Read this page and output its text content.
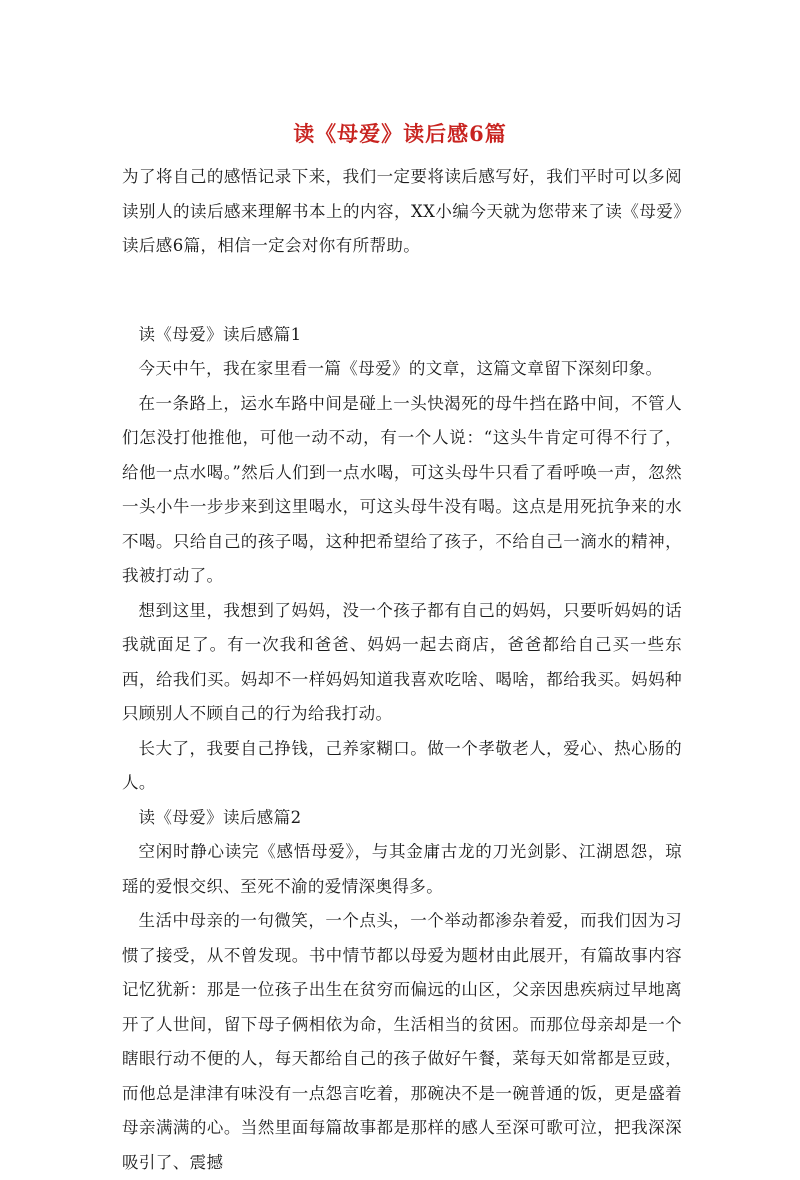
读《母爱》读后感6篇

为了将自己的感悟记录下来，我们一定要将读后感写好，我们平时可以多阅读别人的读后感来理解书本上的内容，XX小编今天就为您带来了读《母爱》读后感6篇，相信一定会对你有所帮助。

读《母爱》读后感篇1

今天中午，我在家里看一篇《母爱》的文章，这篇文章留下深刻印象。

在一条路上，运水车路中间是碰上一头快渴死的母牛挡在路中间，不管人们怎没打他推他，可他一动不动，有一个人说：“这头牛肯定可得不行了，给他一点水喝。”然后人们到一点水喝，可这头母牛只看了看呼唤一声，忽然一头小牛一步步来到这里喝水，可这头母牛没有喝。这点是用死抗争来的水不喝。只给自己的孩子喝，这种把希望给了孩子，不给自己一滴水的精神，我被打动了。

想到这里，我想到了妈妈，没一个孩子都有自己的妈妈，只要听妈妈的话我就面足了。有一次我和爸爸、妈妈一起去商店，爸爸都给自己买一些东西，给我们买。妈却不一样妈妈知道我喜欢吃啥、喝啥，都给我买。妈妈种只顾别人不顾自己的行为给我打动。

长大了，我要自己挣钱，己养家糊口。做一个孝敬老人，爱心、热心肠的人。

读《母爱》读后感篇2

空闲时静心读完《感悟母爱》，与其金庸古龙的刀光剑影、江湖恩怨，琼瑶的爱恨交织、至死不渝的爱情深奥得多。

生活中母亲的一句微笑，一个点头，一个举动都渗杂着爱，而我们因为习惯了接受，从不曾发现。书中情节都以母爱为题材由此展开，有篇故事内容记忆犹新：那是一位孩子出生在贫穷而偏远的山区，父亲因患疾病过早地离开了人世间，留下母子俩相依为命，生活相当的贫困。而那位母亲却是一个瞎眼行动不便的人，每天都给自己的孩子做好午餐，菜每天如常都是豆豉，而他总是津津有味没有一点怨言吃着，那碗决不是一碗普通的饭，更是盛着母亲满满的心。当然里面每篇故事都是那样的感人至深可歌可泣，把我深深吸引了、震撼
